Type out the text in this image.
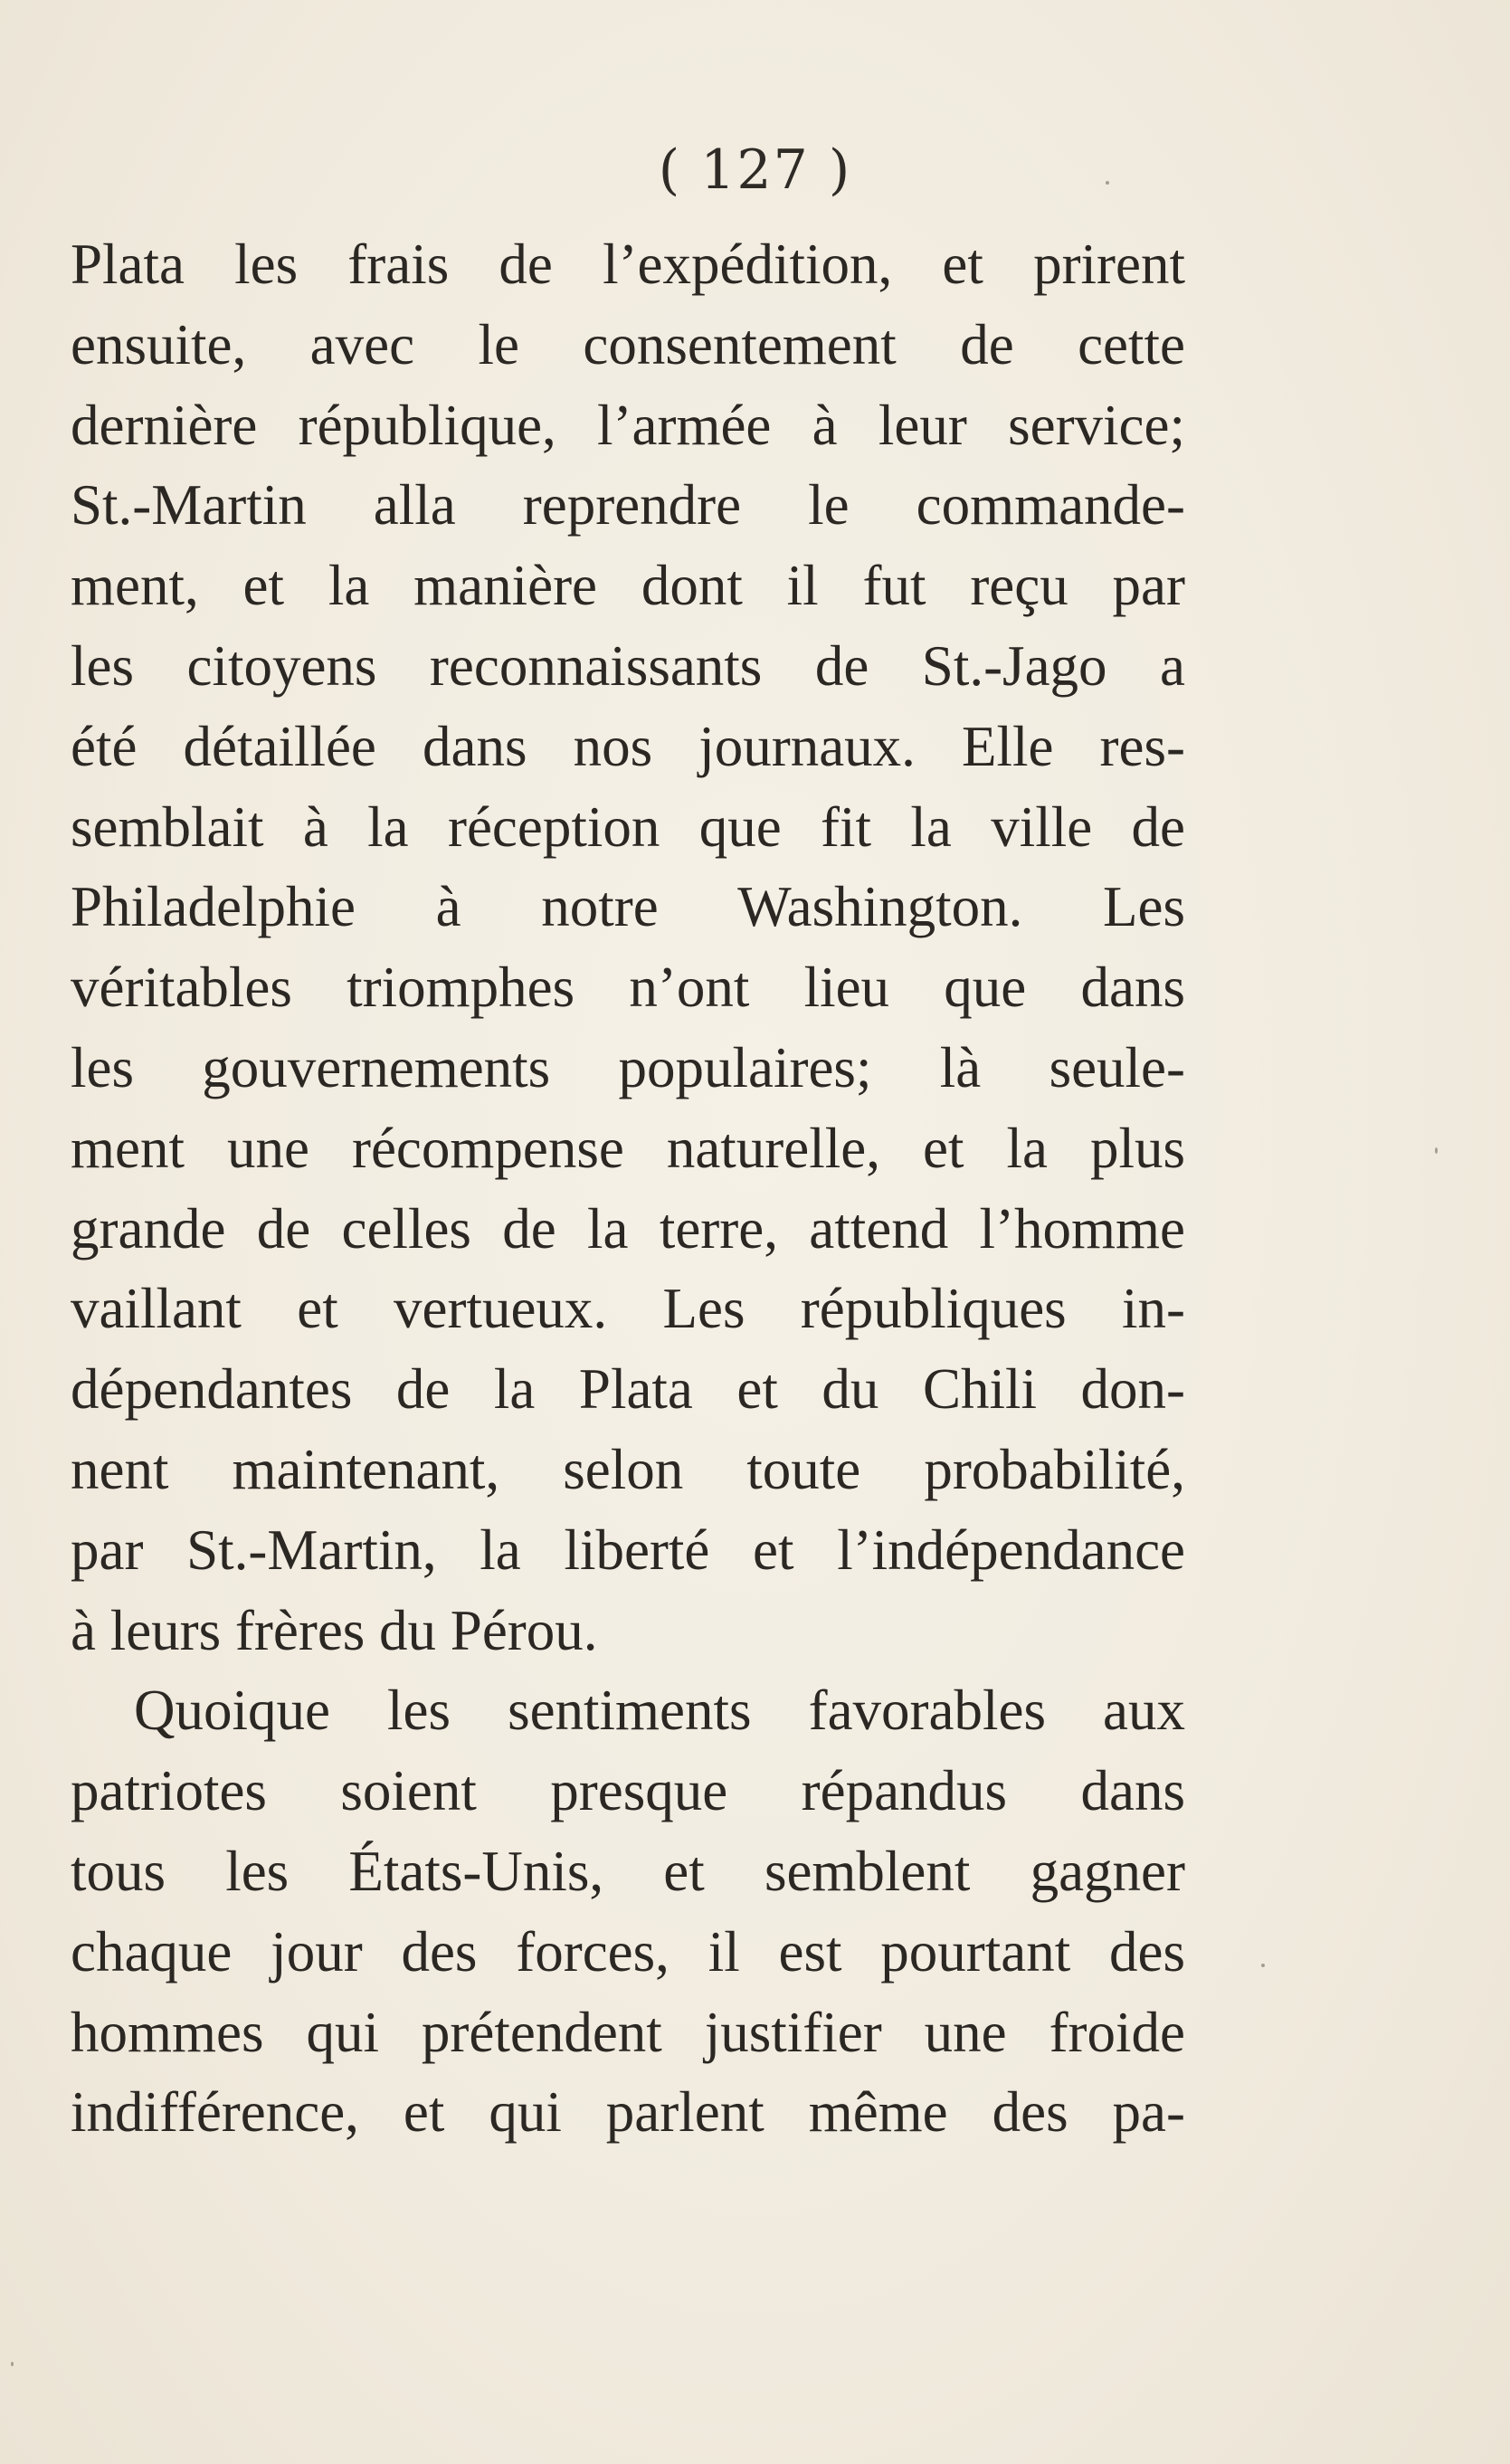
( 127 )
Plata les frais de l’expédition, et prirent
ensuite, avec le consentement de cette
dernière république, l’armée à leur service;
St.-Martin alla reprendre le commande-
ment, et la manière dont il fut reçu par
les citoyens reconnaissants de St.-Jago a
été détaillée dans nos journaux. Elle res-
semblait à la réception que fit la ville de
Philadelphie à notre Washington. Les
véritables triomphes n’ont lieu que dans
les gouvernements populaires; là seule-
ment une récompense naturelle, et la plus
grande de celles de la terre, attend l’homme
vaillant et vertueux. Les républiques in-
dépendantes de la Plata et du Chili don-
nent maintenant, selon toute probabilité,
par St.-Martin, la liberté et l’indépendance
à leurs frères du Pérou.
Quoique les sentiments favorables aux
patriotes soient presque répandus dans
tous les États-Unis, et semblent gagner
chaque jour des forces, il est pourtant des
hommes qui prétendent justifier une froide
indifférence, et qui parlent même des pa-
